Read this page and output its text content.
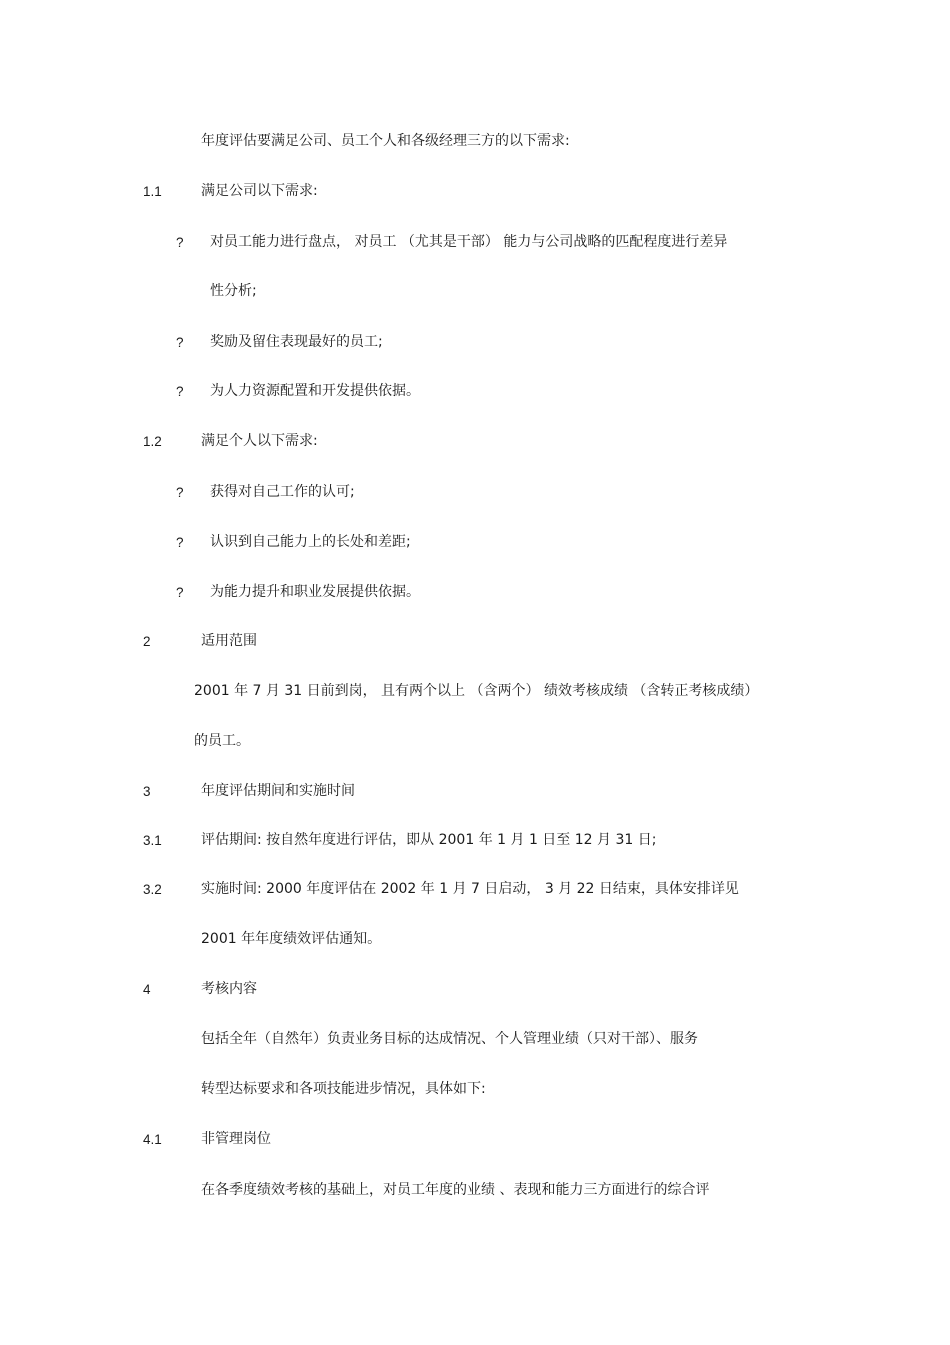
年度评估要满足公司、员工个人和各级经理三方的以下需求:
1.1	满足公司以下需求:
? 对员工能力进行盘点， 对员工 （尤其是干部） 能力与公司战略的匹配程度进行差异
性分析;
? 奖励及留住表现最好的员工;
? 为人力资源配置和开发提供依据。
1.2	满足个人以下需求:
? 获得对自己工作的认可;
? 认识到自己能力上的长处和差距;
? 为能力提升和职业发展提供依据。
2	适用范围
2001 年 7 月 31 日前到岗， 且有两个以上 （含两个） 绩效考核成绩 （含转正考核成绩）
的员工。
3	年度评估期间和实施时间
3.1	评估期间: 按自然年度进行评估，即从 2001 年 1 月 1 日至 12 月 31 日;
3.2	实施时间: 2000 年度评估在 2002 年 1 月 7 日启动， 3 月 22 日结束，具体安排详见
2001 年年度绩效评估通知。
4	考核内容
包括全年（自然年）负责业务目标的达成情况、个人管理业绩（只对干部）、服务
转型达标要求和各项技能进步情况，具体如下:
4.1	非管理岗位
在各季度绩效考核的基础上，对员工年度的业绩 、表现和能力三方面进行的综合评
